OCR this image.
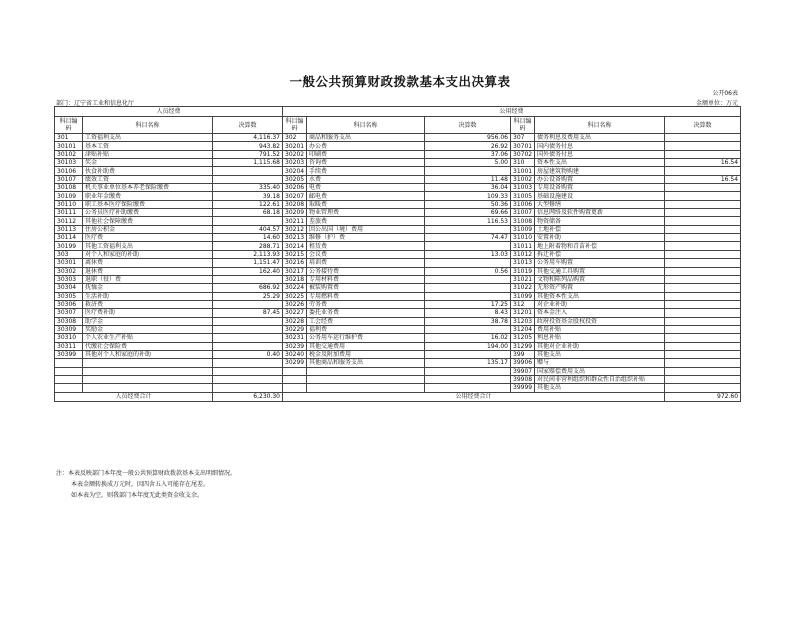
一般公共预算财政拨款基本支出决算表
公开06表
部门：辽宁省工业和信息化厅	金额单位：万元
人员经费			公用经费					
科目编码	科目名称	决算数	科目编码	科目名称	决算数	科目编码	科目名称	决算数
301	工资福利支出	4,116.37	302	商品和服务支出	956.06	307	债务利息及费用支出	
30101	基本工资	943.82	30201	办公费	26.92	30701	国内债务付息	
30102	津贴补贴	791.52	30202	印刷费	37.06	30702	国外债务付息	
30103	奖金	1,115.68	30203	咨询费	5.00	310	资本性支出	16.54
30106	伙食补助费		30204	手续费		31001	房屋建筑物购建	
30107	绩效工资		30205	水费	11.48	31002	办公设备购置	16.54
30108	机关事业单位基本养老保险缴费	335.40	30206	电费	36.04	31003	专用设备购置	
30109	职业年金缴费	39.18	30207	邮电费	109.33	31005	基础设施建设	
30110	职工基本医疗保险缴费	122.61	30208	取暖费	50.36	31006	大型修缮	
30111	公务员医疗补助缴费	68.18	30209	物业管理费	69.66	31007	信息网络及软件购置更新	
30112	其他社会保障缴费		30211	差旅费	116.53	31008	物资储备	
30113	住房公积金	404.57	30212	因公出国（境）费用		31009	土地补偿	
30114	医疗费	14.60	30213	维修（护）费	74.47	31010	安置补助	
30199	其他工资福利支出	288.71	30214	租赁费		31011	地上附着物和青苗补偿	
303	对个人和家庭的补助	2,113.93	30215	会议费	13.03	31012	拆迁补偿	
30301	离休费	1,151.47	30216	培训费		31013	公务用车购置	
30302	退休费	162.40	30217	公务接待费	0.56	31019	其他交通工具购置	
30303	退职（役）费		30218	专用材料费		31021	文物和陈列品购置	
30304	抚恤金	686.92	30224	被装购置费		31022	无形资产购置	
30305	生活补助	25.29	30225	专用燃料费		31099	其他资本性支出	
30306	救济费		30226	劳务费	17.25	312	对企业补助	
30307	医疗费补助	87.45	30227	委托业务费	8.43	31201	资本金注入	
30308	助学金		30228	工会经费	38.78	31203	政府投资基金股权投资	
30309	奖励金		30229	福利费		31204	费用补贴	
30310	个人农业生产补贴		30231	公务用车运行维护费	16.02	31205	利息补贴	
30311	代缴社会保险费		30239	其他交通费用	194.00	31299	其他对企业补助	
30399	其他对个人和家庭的补助	0.40	30240	税金及附加费用		399	其他支出	
			30299	其他商品和服务支出	135.17	39906	赠与	
						39907	国家赔偿费用支出	
						39908	对民间非营利组织和群众性自治组织补贴	
						39999	其他支出	
人员经费合计		6,230.30	公用经费合计					972.60
注：本表反映部门本年度一般公共预算财政拨款基本支出明细情况。
本表金额转换成万元时，因四舍五入可能存在尾差。
如本表为空，则我部门本年度无此类资金收支余。
